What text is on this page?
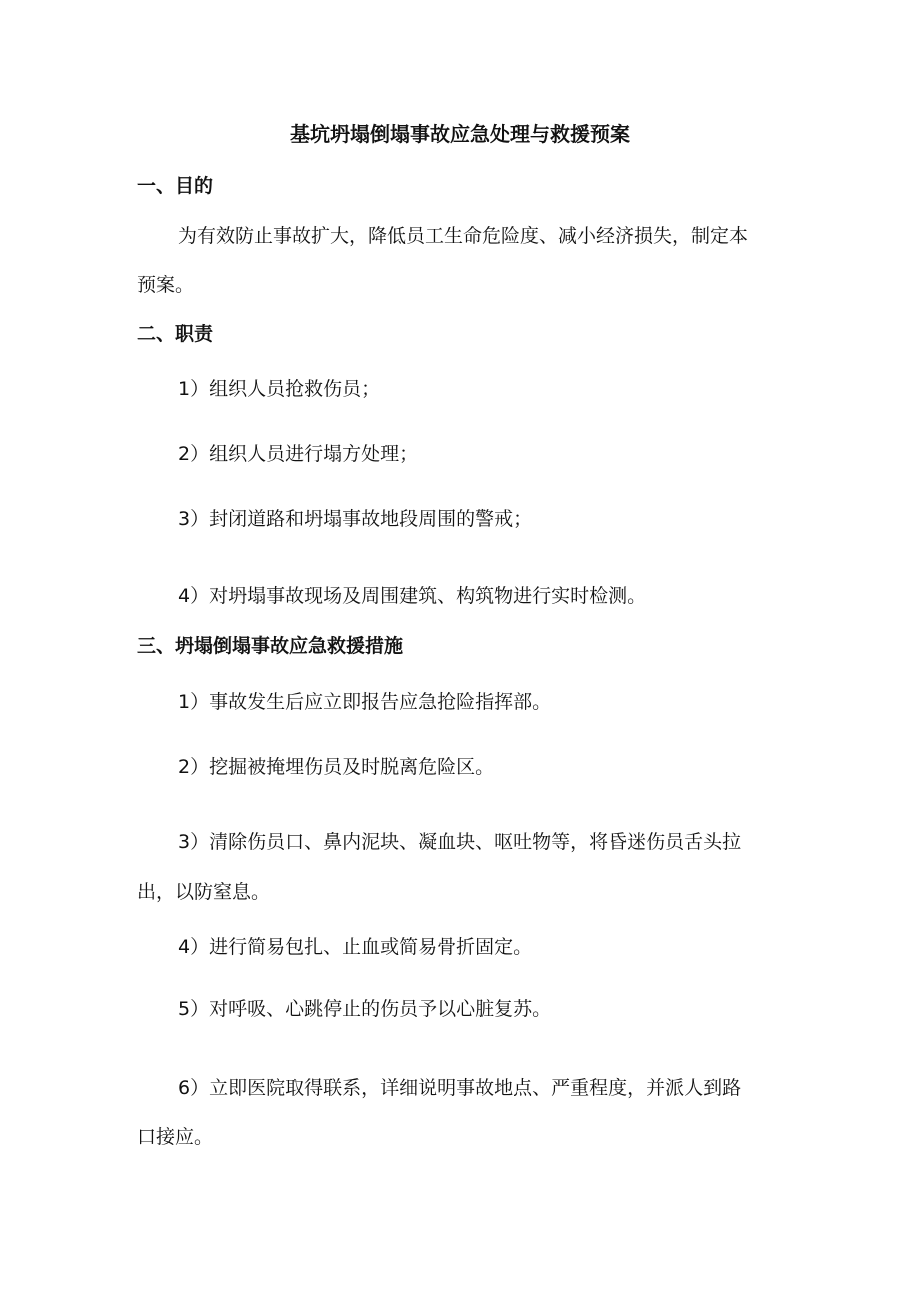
基坑坍塌倒塌事故应急处理与救援预案
一、目的
为有效防止事故扩大，降低员工生命危险度、减小经济损失，制定本
预案。
二、职责
1）组织人员抢救伤员；
2）组织人员进行塌方处理；
3）封闭道路和坍塌事故地段周围的警戒；
4）对坍塌事故现场及周围建筑、构筑物进行实时检测。
三、坍塌倒塌事故应急救援措施
1）事故发生后应立即报告应急抢险指挥部。
2）挖掘被掩埋伤员及时脱离危险区。
3）清除伤员口、鼻内泥块、凝血块、呕吐物等，将昏迷伤员舌头拉
出，以防窒息。
4）进行简易包扎、止血或简易骨折固定。
5）对呼吸、心跳停止的伤员予以心脏复苏。
6）立即医院取得联系，详细说明事故地点、严重程度，并派人到路
口接应。
